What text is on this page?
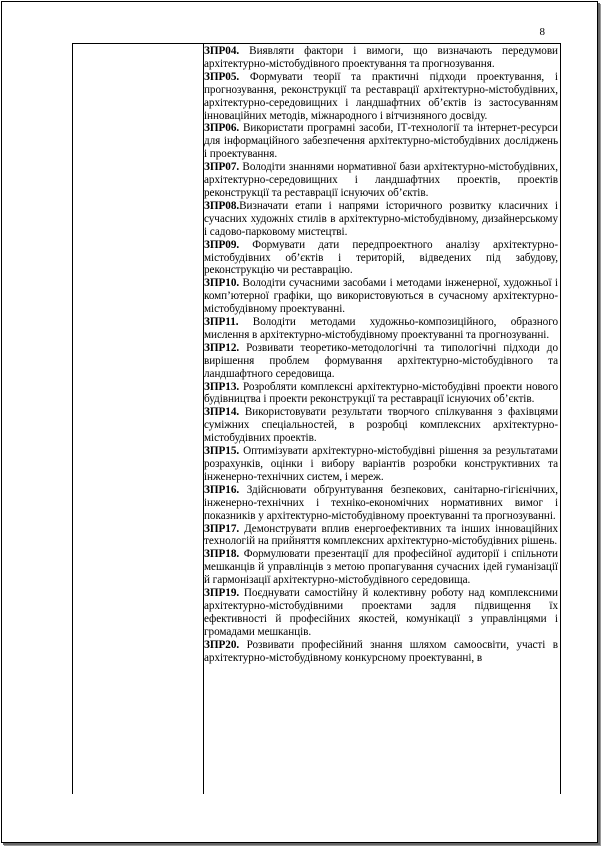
8

ЗПР04. Виявляти фактори і вимоги, що визначають передумови архітектурно-містобудівного проектування та прогнозування.

ЗПР05. Формувати теорії та практичні підходи проектування, і прогнозування, реконструкції та реставрації архітектурно-містобудівних, архітектурно-середовищних і ландшафтних об’єктів із застосуванням інноваційних методів, міжнародного і вітчизняного досвіду.

ЗПР06. Використати програмні засоби, ІТ-технології та інтернет-ресурси для інформаційного забезпечення архітектурно-містобудівних досліджень і проектування.

ЗПР07. Володіти знаннями нормативної бази архітектурно-містобудівних, архітектурно-середовищних і ландшафтних проектів, проектів реконструкції та реставрації існуючих об’єктів.

ЗПР08.Визначати етапи і напрями історичного розвитку класичних і сучасних художніх стилів в архітектурно-містобудівному, дизайнерському і садово-парковому мистецтві.

ЗПР09. Формувати дати передпроектного аналізу архітектурно-містобудівних об’єктів і територій, відведених під забудову, реконструкцію чи реставрацію.

ЗПР10. Володіти сучасними засобами і методами інженерної, художньої і комп’ютерної графіки, що використовуються в сучасному архітектурно-містобудівному проектуванні.

ЗПР11. Володіти методами художньо-композиційного, образного мислення в архітектурно-містобудівному проектуванні та прогнозуванні.

ЗПР12. Розвивати теоретико-методологічні та типологічні підходи до вирішення проблем формування архітектурно-містобудівного та ландшафтного середовища.

ЗПР13. Розробляти комплексні архітектурно-містобудівні проекти нового будівництва і проекти реконструкції та реставрації існуючих об’єктів.

ЗПР14. Використовувати результати творчого спілкування з фахівцями суміжних спеціальностей, в розробці комплексних архітектурно-містобудівних проектів.

ЗПР15. Оптимізувати архітектурно-містобудівні рішення за результатами розрахунків, оцінки і вибору варіантів розробки конструктивних та інженерно-технічних систем, і мереж.

ЗПР16. Здійснювати обґрунтування безпекових, санітарно-гігієнічних, інженерно-технічних і техніко-економічних нормативних вимог і показників у архітектурно-містобудівному проектуванні та прогнозуванні.

ЗПР17. Демонструвати вплив енергоефективних та інших інноваційних технологій на прийняття комплексних архітектурно-містобудівних рішень.

ЗПР18. Формулювати презентації для професійної аудиторії і спільноти мешканців й управлінців з метою пропагування сучасних ідей гуманізації й гармонізації архітектурно-містобудівного середовища.

ЗПР19. Поєднувати самостійну й колективну роботу над комплексними архітектурно-містобудівними проектами задля підвищення їх ефективності й професійних якостей, комунікації з управлінцями і громадами мешканців.

ЗПР20. Розвивати професійний знання шляхом самоосвіти, участі в архітектурно-містобудівному конкурсному проектуванні, в
